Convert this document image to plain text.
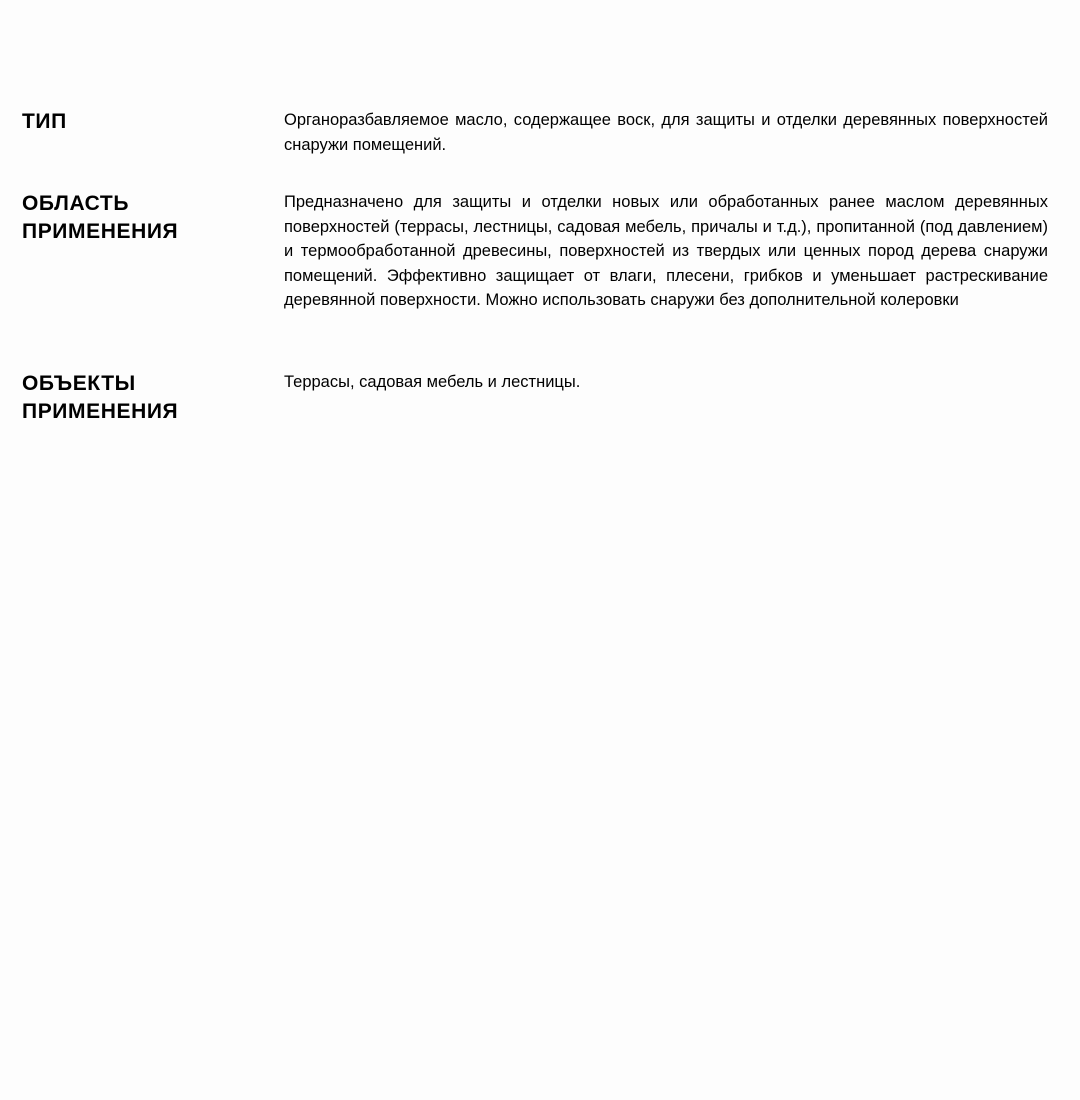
ТИП	Органоразбавляемое масло, содержащее воск, для защиты и отделки деревянных поверхностей снаружи помещений.
ОБЛАСТЬ
ПРИМЕНЕНИЯ
Предназначено для защиты и отделки новых или обработанных ранее маслом деревянных поверхностей (террасы, лестницы, садовая мебель, причалы и т.д.), пропитанной (под давлением) и термообработанной древесины, поверхностей из твердых или ценных пород дерева снаружи помещений. Эффективно защищает от влаги, плесени, грибков и уменьшает растрескивание деревянной поверхности. Можно использовать снаружи без дополнительной колеровки
ОБЪЕКТЫ
ПРИМЕНЕНИЯ
Террасы, садовая мебель и лестницы.
